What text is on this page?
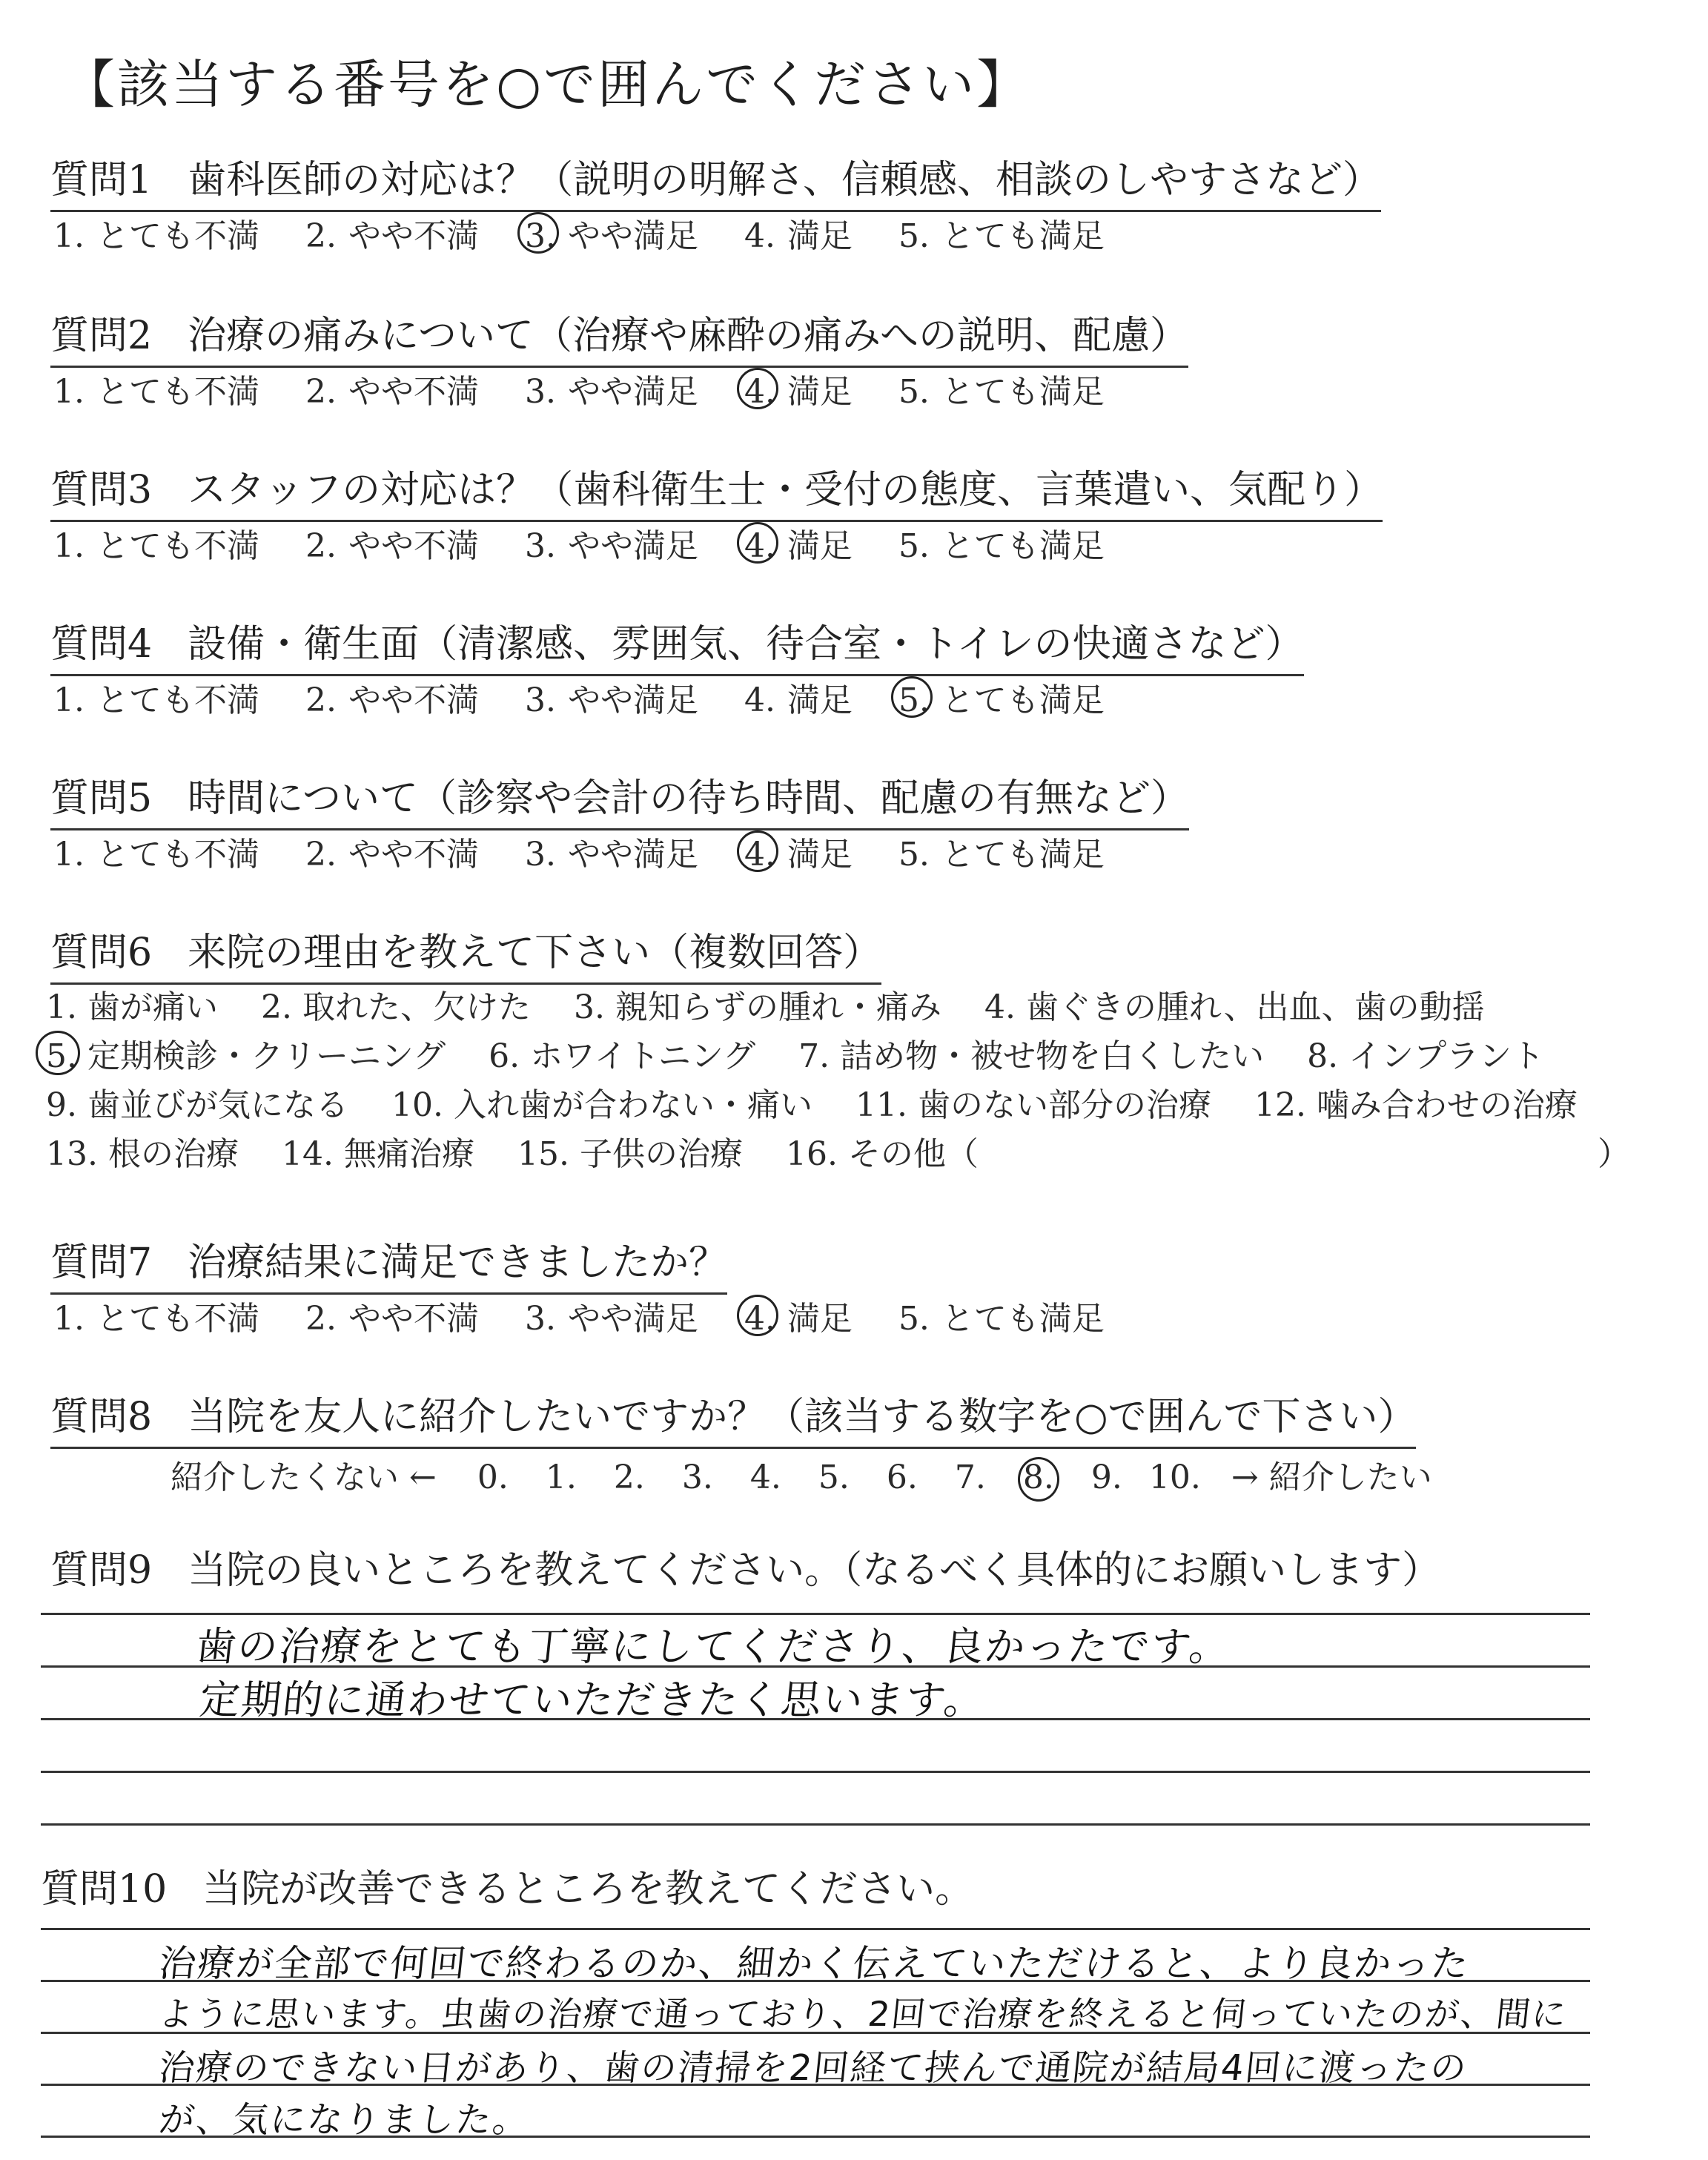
【該当する番号を○で囲んでください】
質問1 歯科医師の対応は？（説明の明解さ、信頼感、相談のしやすさなど）
1. とても不満 2. やや不満 3. やや満足 4. 満足 5. とても満足
質問2 治療の痛みについて（治療や麻酔の痛みへの説明、配慮）
1. とても不満 2. やや不満 3. やや満足 4. 満足 5. とても満足
質問3 スタッフの対応は？（歯科衛生士・受付の態度、言葉遣い、気配り）
1. とても不満 2. やや不満 3. やや満足 4. 満足 5. とても満足
質問4 設備・衛生面（清潔感、雰囲気、待合室・トイレの快適さなど）
1. とても不満 2. やや不満 3. やや満足 4. 満足 5. とても満足
質問5 時間について（診察や会計の待ち時間、配慮の有無など）
1. とても不満 2. やや不満 3. やや満足 4. 満足 5. とても満足
質問6 来院の理由を教えて下さい（複数回答）
1. 歯が痛い 2. 取れた、欠けた 3. 親知らずの腫れ・痛み 4. 歯ぐきの腫れ、出血、歯の動揺
5. 定期検診・クリーニング 6. ホワイトニング 7. 詰め物・被せ物を白くしたい 8. インプラント
9. 歯並びが気になる 10. 入れ歯が合わない・痛い 11. 歯のない部分の治療 12. 噛み合わせの治療
13. 根の治療 14. 無痛治療 15. 子供の治療 16. その他（	）
質問7 治療結果に満足できましたか？
1. とても不満 2. やや不満 3. やや満足 4. 満足 5. とても満足
質問8 当院を友人に紹介したいですか？（該当する数字を○で囲んで下さい）
紹介したくない ← 0. 1. 2. 3. 4. 5. 6. 7. 8. 9. 10. → 紹介したい
質問9 当院の良いところを教えてください。（なるべく具体的にお願いします）
歯の治療をとても丁寧にしてくださり、良かったです。
定期的に通わせていただきたく思います。
質問10 当院が改善できるところを教えてください。
治療が全部で何回で終わるのか、細かく伝えていただけると、より良かった
ように思います。虫歯の治療で通っており、2回で治療を終えると伺っていたのが、間に
治療のできない日があり、歯の清掃を2回経て挟んで通院が結局4回に渡ったの
が、気になりました。
